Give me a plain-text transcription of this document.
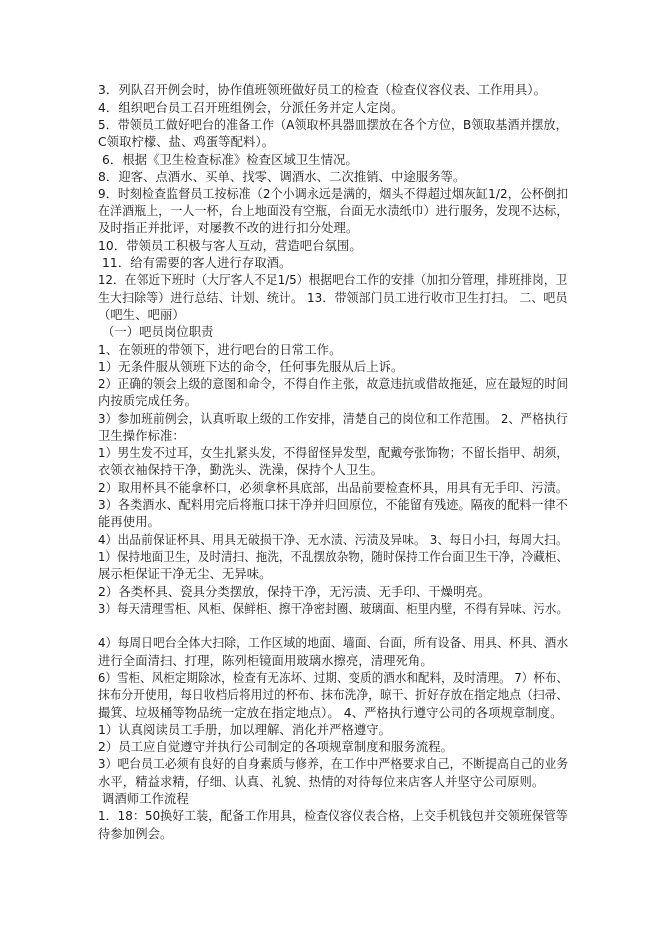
3．列队召开例会时，协作值班领班做好员工的检查（检查仪容仪表、工作用具）。
4．组织吧台员工召开班组例会，分派任务并定人定岗。
5．带领员工做好吧台的准备工作（A领取杯具器皿摆放在各个方位，B领取基酒并摆放，
C领取柠檬、盐、鸡蛋等配料）。
6．根据《卫生检查标准》检查区域卫生情况。
8．迎客、点酒水、买单、找零、调酒水、二次推销、中途服务等。
9．时刻检查监督员工按标准（2个小调永远是满的，烟头不得超过烟灰缸1/2，公杯倒扣
在洋酒瓶上，一人一杯，台上地面没有空瓶，台面无水渍纸巾）进行服务，发现不达标，
及时指正并批评，对屡教不改的进行扣分处理。
10．带领员工积极与客人互动，营造吧台氛围。
11．给有需要的客人进行存取酒。
12．在邻近下班时（大厅客人不足1/5）根据吧台工作的安排（加扣分管理，排班排岗，卫
生大扫除等）进行总结、计划、统计。 13．带领部门员工进行收市卫生打扫。 二、吧员
（吧生、吧丽）
（一）吧员岗位职责
1、在领班的带领下，进行吧台的日常工作。
1）无条件服从领班下达的命令，任何事先服从后上诉。
2）正确的领会上级的意图和命令，不得自作主张，故意违抗或借故拖延，应在最短的时间
内按质完成任务。
3）参加班前例会，认真听取上级的工作安排，清楚自己的岗位和工作范围。 2、严格执行
卫生操作标准：
1）男生发不过耳，女生扎紧头发，不得留怪异发型，配戴夸张饰物；不留长指甲、胡须，
衣领衣袖保持干净，勤洗头、洗澡，保持个人卫生。
2）取用杯具不能拿杯口，必须拿杯具底部，出品前要检查杯具，用具有无手印、污渍。
3）各类酒水、配料用完后将瓶口抹干净并归回原位，不能留有残迹。隔夜的配料一律不
能再使用。
4）出品前保证杯具、用具无破损干净、无水渍、污渍及异味。 3、每日小扫，每周大扫。
1）保持地面卫生，及时清扫、拖洗，不乱摆放杂物，随时保持工作台面卫生干净，冷藏柜、
展示柜保证干净无尘、无异味。
2）各类杯具、瓷具分类摆放，保持干净，无污渍、无手印、干燥明亮。
3）每天清理雪柜、风柜、保鲜柜、擦干净密封圈、玻璃面、柜里内壁，不得有异味、污水。
4）每周日吧台全体大扫除，工作区域的地面、墙面、台面，所有设备、用具、杯具、酒水
进行全面清扫、打理，陈列柜镜面用玻璃水擦亮，清理死角。
6）雪柜、风柜定期除冰，检查有无冻坏、过期、变质的酒水和配料，及时清理。 7）杯布、
抹布分开使用，每日收档后将用过的杯布、抹布洗净，晾干、折好存放在指定地点（扫帚、
撮箕、垃圾桶等物品统一定放在指定地点）。 4、严格执行遵守公司的各项规章制度。
1）认真阅读员工手册，加以理解、消化并严格遵守。
2）员工应自觉遵守并执行公司制定的各项规章制度和服务流程。
3）吧台员工必须有良好的自身素质与修养，在工作中严格要求自己，不断提高自己的业务
水平，精益求精，仔细、认真、礼貌、热情的对待每位来店客人并坚守公司原则。
调酒师工作流程
1．18：50换好工装，配备工作用具，检查仪容仪表合格，上交手机钱包并交领班保管等
待参加例会。
